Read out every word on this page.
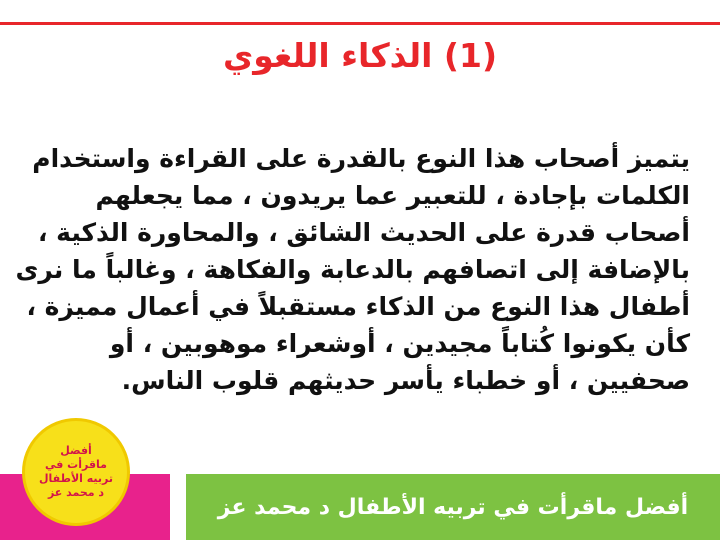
(1) الذكاء اللغوي
يتميز أصحاب هذا النوع بالقدرة على القراءة واستخدام
الكلمات بإجادة ، للتعبير عما يريدون ، مما يجعلهم
أصحاب قدرة على الحديث الشائق ، والمحاورة الذكية ،
بالإضافة إلى اتصافهم بالدعابة والفكاهة ، وغالباً ما نرى
أطفال هذا النوع من الذكاء مستقبلاً في أعمال مميزة ،
كأن يكونوا كُتاباً مجيدين ، أوشعراء موهوبين ، أو
صحفيين ، أو خطباء يأسر حديثهم قلوب الناس.
أفضل ماقرأت في تربيه الأطفال د محمد عز
أفضل
ماقرأت في
تربيه الأطفال
د محمد عز
